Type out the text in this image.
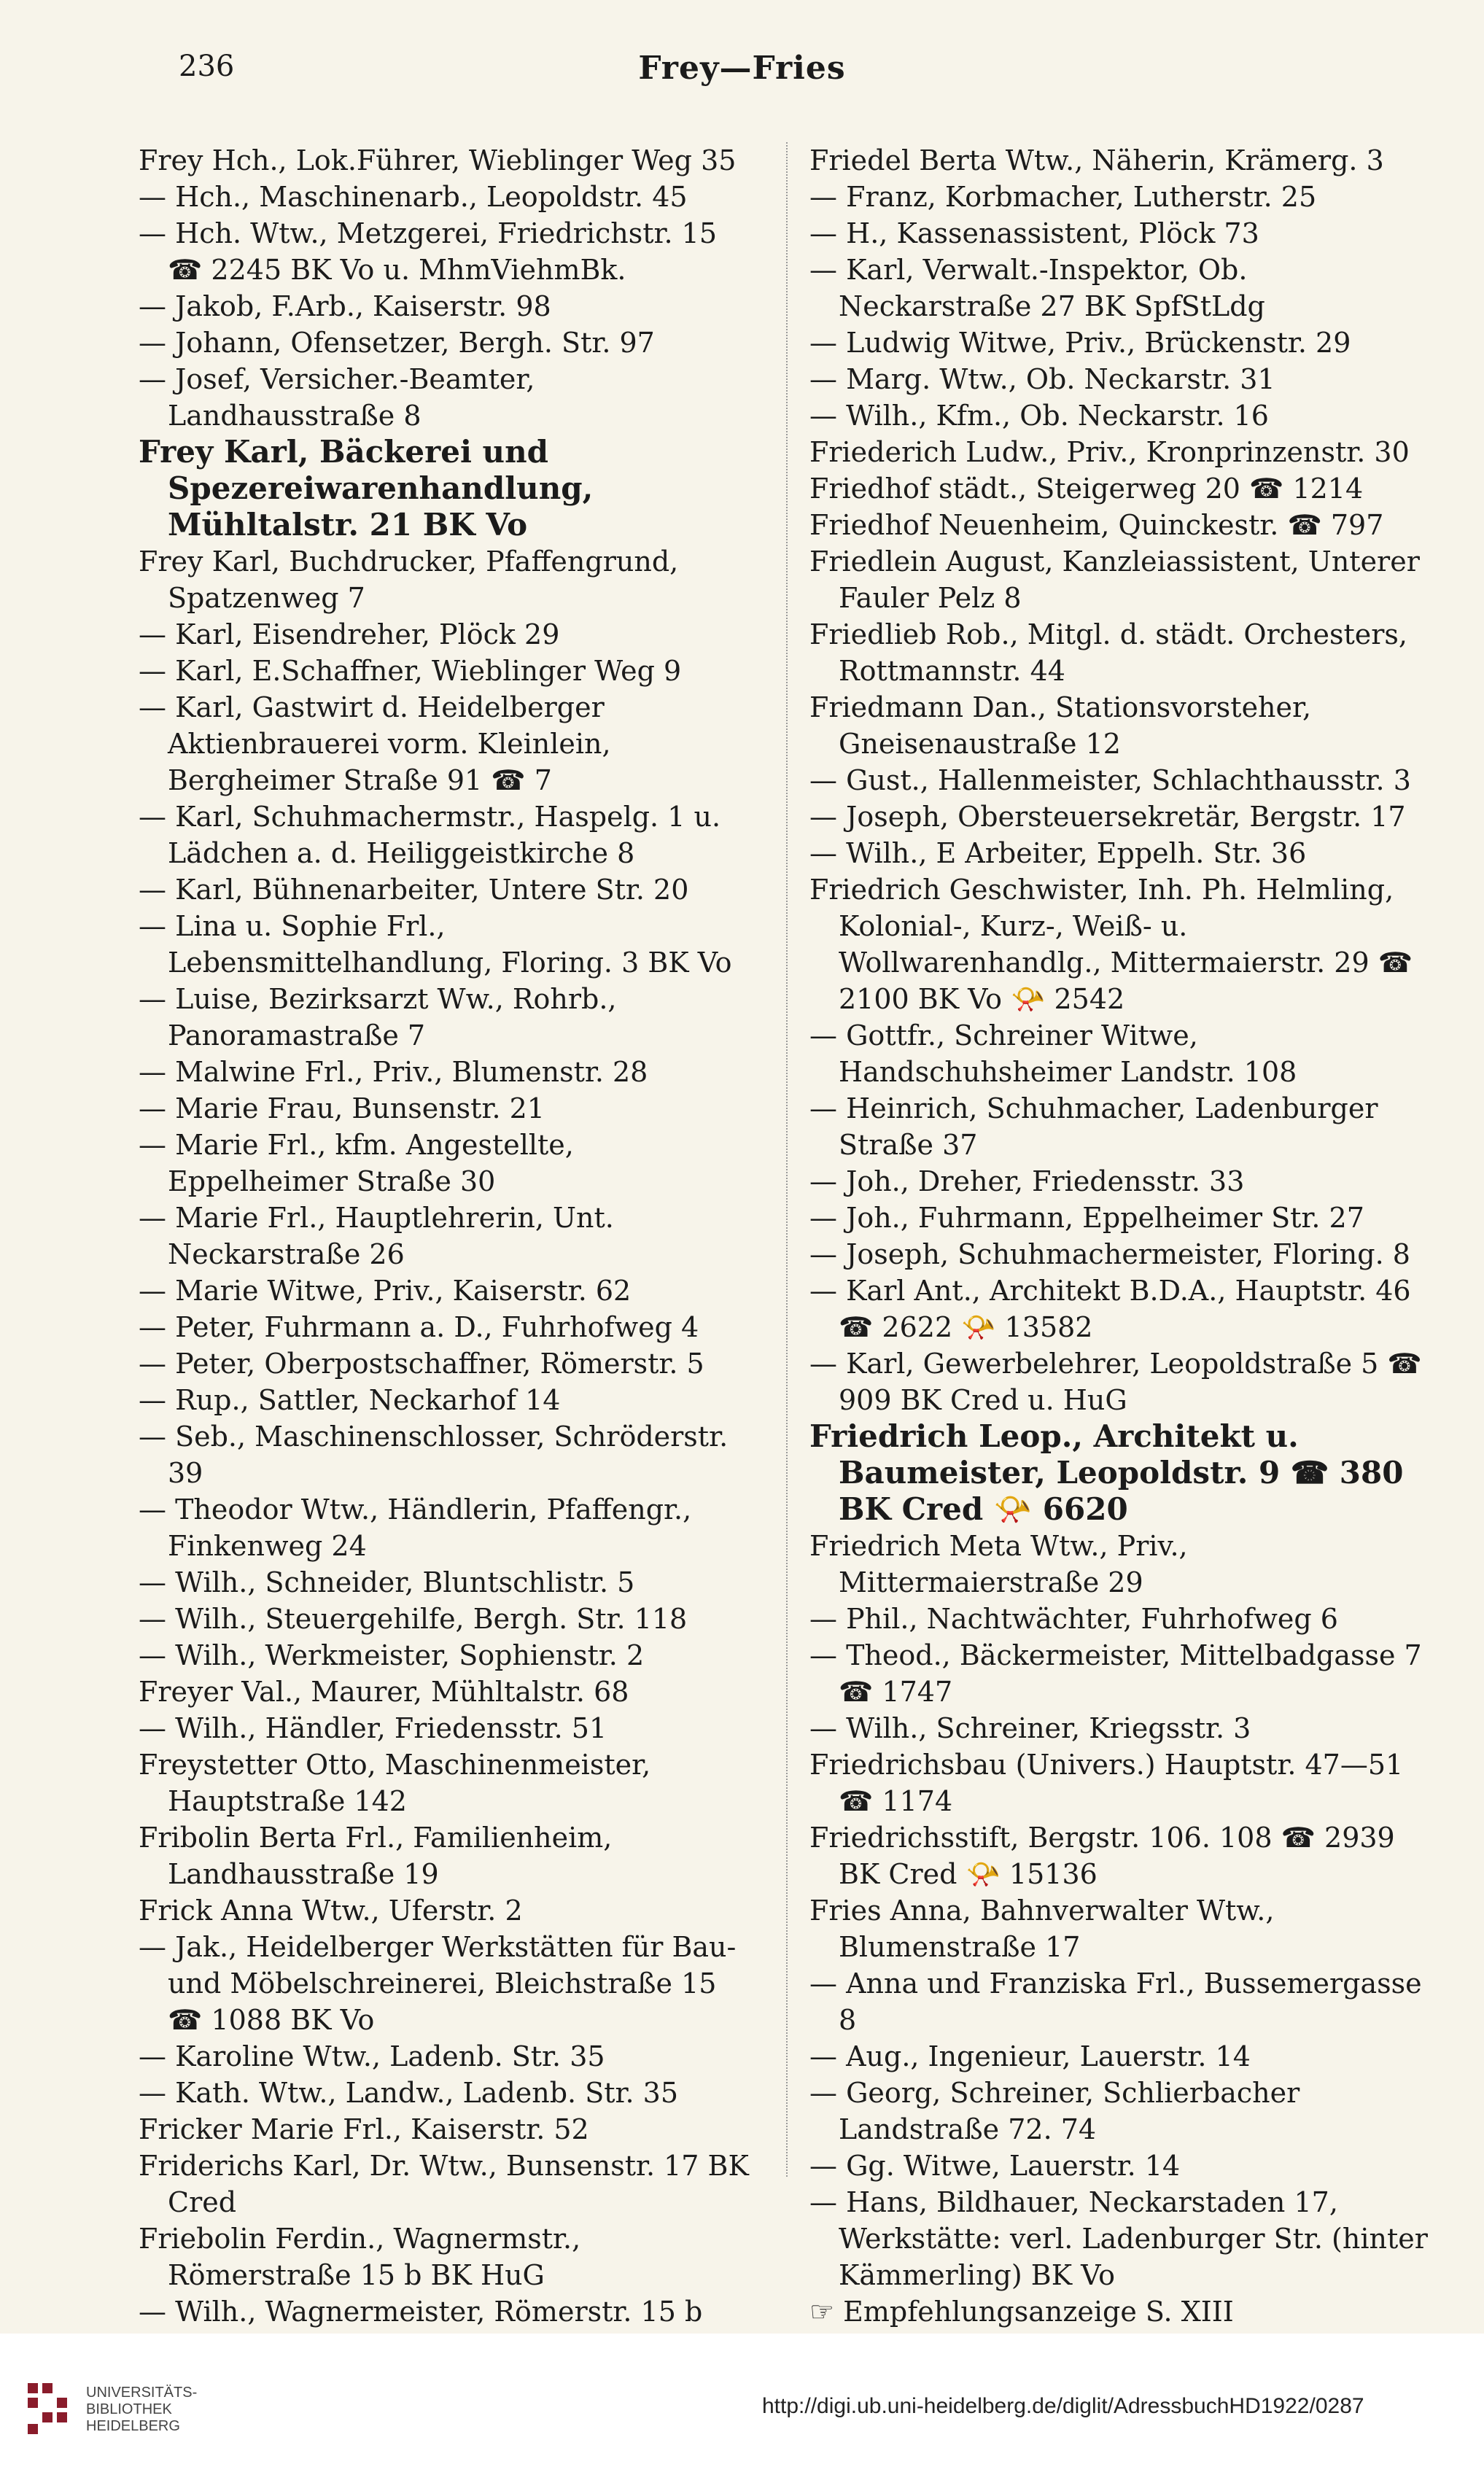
236	Frey—Fries

Frey Hch., Lok.Führer, Wieblinger Weg 35

— Hch., Maschinenarb., Leopoldstr. 45

— Hch. Wtw., Metzgerei, Friedrichstr. 15 ☎ 2245 BK Vo u. MhmViehmBk.

— Jakob, F.Arb., Kaiserstr. 98

— Johann, Ofensetzer, Bergh. Str. 97

— Josef, Versicher.-Beamter, Landhausstraße 8

Frey Karl, Bäckerei und Spezereiwarenhandlung, Mühltalstr. 21 BK Vo

Frey Karl, Buchdrucker, Pfaffengrund, Spatzenweg 7

— Karl, Eisendreher, Plöck 29

— Karl, E.Schaffner, Wieblinger Weg 9

— Karl, Gastwirt d. Heidelberger Aktienbrauerei vorm. Kleinlein, Bergheimer Straße 91 ☎ 7

— Karl, Schuhmachermstr., Haspelg. 1 u. Lädchen a. d. Heiliggeistkirche 8

— Karl, Bühnenarbeiter, Untere Str. 20

— Lina u. Sophie Frl., Lebensmittelhandlung, Floring. 3 BK Vo

— Luise, Bezirksarzt Ww., Rohrb., Panoramastraße 7

— Malwine Frl., Priv., Blumenstr. 28

— Marie Frau, Bunsenstr. 21

— Marie Frl., kfm. Angestellte, Eppelheimer Straße 30

— Marie Frl., Hauptlehrerin, Unt. Neckarstraße 26

— Marie Witwe, Priv., Kaiserstr. 62

— Peter, Fuhrmann a. D., Fuhrhofweg 4

— Peter, Oberpostschaffner, Römerstr. 5

— Rup., Sattler, Neckarhof 14

— Seb., Maschinenschlosser, Schröderstr. 39

— Theodor Wtw., Händlerin, Pfaffengr., Finkenweg 24

— Wilh., Schneider, Bluntschlistr. 5

— Wilh., Steuergehilfe, Bergh. Str. 118

— Wilh., Werkmeister, Sophienstr. 2

Freyer Val., Maurer, Mühltalstr. 68

— Wilh., Händler, Friedensstr. 51

Freystetter Otto, Maschinenmeister, Hauptstraße 142

Fribolin Berta Frl., Familienheim, Landhausstraße 19

Frick Anna Wtw., Uferstr. 2

— Jak., Heidelberger Werkstätten für Bau- und Möbelschreinerei, Bleichstraße 15 ☎ 1088 BK Vo

— Karoline Wtw., Ladenb. Str. 35

— Kath. Wtw., Landw., Ladenb. Str. 35

Fricker Marie Frl., Kaiserstr. 52

Friderichs Karl, Dr. Wtw., Bunsenstr. 17 BK Cred

Friebolin Ferdin., Wagnermstr., Römerstraße 15 b BK HuG

— Wilh., Wagnermeister, Römerstr. 15 b

Friedel Berta Wtw., Näherin, Krämerg. 3

— Franz, Korbmacher, Lutherstr. 25

— H., Kassenassistent, Plöck 73

— Karl, Verwalt.-Inspektor, Ob. Neckarstraße 27 BK SpfStLdg

— Ludwig Witwe, Priv., Brückenstr. 29

— Marg. Wtw., Ob. Neckarstr. 31

— Wilh., Kfm., Ob. Neckarstr. 16

Friederich Ludw., Priv., Kronprinzenstr. 30

Friedhof städt., Steigerweg 20 ☎ 1214

Friedhof Neuenheim, Quinckestr. ☎ 797

Friedlein August, Kanzleiassistent, Unterer Fauler Pelz 8

Friedlieb Rob., Mitgl. d. städt. Orchesters, Rottmannstr. 44

Friedmann Dan., Stationsvorsteher, Gneisenaustraße 12

— Gust., Hallenmeister, Schlachthausstr. 3

— Joseph, Obersteuersekretär, Bergstr. 17

— Wilh., E Arbeiter, Eppelh. Str. 36

Friedrich Geschwister, Inh. Ph. Helmling, Kolonial-, Kurz-, Weiß- u. Wollwarenhandlg., Mittermaierstr. 29 ☎ 2100 BK Vo 📯 2542

— Gottfr., Schreiner Witwe, Handschuhsheimer Landstr. 108

— Heinrich, Schuhmacher, Ladenburger Straße 37

— Joh., Dreher, Friedensstr. 33

— Joh., Fuhrmann, Eppelheimer Str. 27

— Joseph, Schuhmachermeister, Floring. 8

— Karl Ant., Architekt B.D.A., Hauptstr. 46 ☎ 2622 📯 13582

— Karl, Gewerbelehrer, Leopoldstraße 5 ☎ 909 BK Cred u. HuG

Friedrich Leop., Architekt u. Baumeister, Leopoldstr. 9 ☎ 380 BK Cred 📯 6620

Friedrich Meta Wtw., Priv., Mittermaierstraße 29

— Phil., Nachtwächter, Fuhrhofweg 6

— Theod., Bäckermeister, Mittelbadgasse 7 ☎ 1747

— Wilh., Schreiner, Kriegsstr. 3

Friedrichsbau (Univers.) Hauptstr. 47—51 ☎ 1174

Friedrichsstift, Bergstr. 106. 108 ☎ 2939 BK Cred 📯 15136

Fries Anna, Bahnverwalter Wtw., Blumenstraße 17

— Anna und Franziska Frl., Bussemergasse 8

— Aug., Ingenieur, Lauerstr. 14

— Georg, Schreiner, Schlierbacher Landstraße 72. 74

— Gg. Witwe, Lauerstr. 14

— Hans, Bildhauer, Neckarstaden 17, Werkstätte: verl. Ladenburger Str. (hinter Kämmerling) BK Vo

☞ Empfehlungsanzeige S. XIII

UNIVERSITÄTS-
BIBLIOTHEK
HEIDELBERG
http://digi.ub.uni-heidelberg.de/diglit/AdressbuchHD1922/0287
